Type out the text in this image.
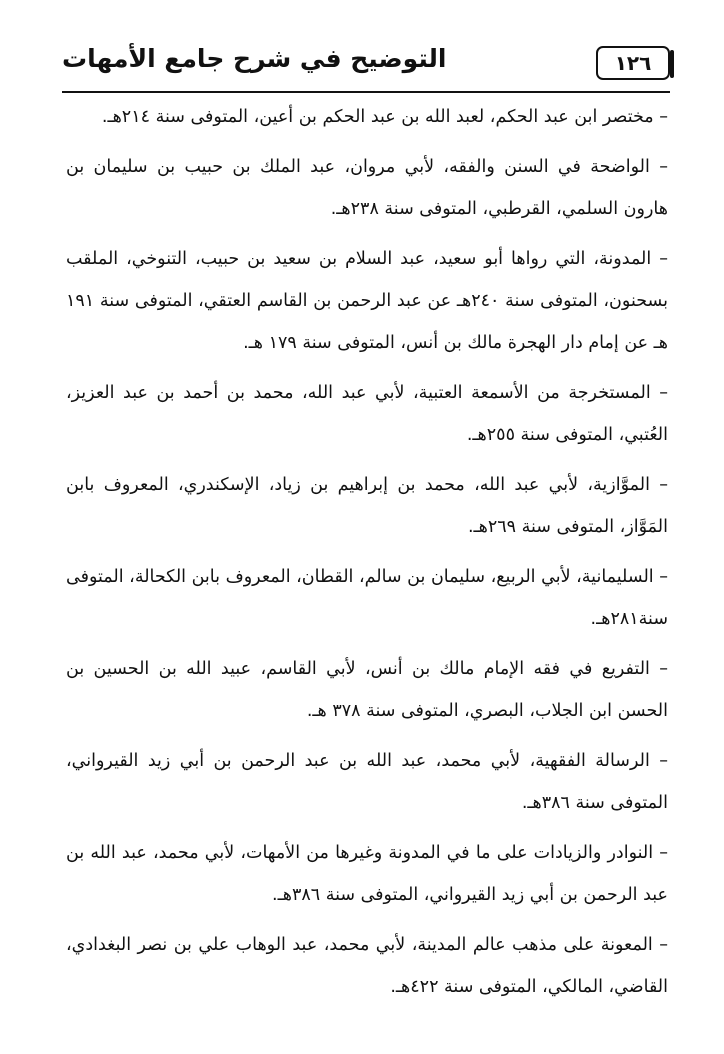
١٢٦
التوضيح في شرح جامع الأمهات

– مختصر ابن عبد الحكم، لعبد الله بن عبد الحكم بن أعين، المتوفى سنة ٢١٤هـ.

– الواضحة في السنن والفقه، لأبي مروان، عبد الملك بن حبيب بن سليمان بن هارون السلمي، القرطبي، المتوفى سنة ٢٣٨هـ.

– المدونة، التي رواها أبو سعيد، عبد السلام بن سعيد بن حبيب، التنوخي، الملقب بسحنون، المتوفى سنة ٢٤٠هـ عن عبد الرحمن بن القاسم العتقي، المتوفى سنة ١٩١ هـ عن إمام دار الهجرة مالك بن أنس، المتوفى سنة ١٧٩ هـ.

– المستخرجة من الأسمعة العتبية، لأبي عبد الله، محمد بن أحمد بن عبد العزيز، العُتبي، المتوفى سنة ٢٥٥هـ.

– الموَّازية، لأبي عبد الله، محمد بن إبراهيم بن زياد، الإسكندري، المعروف بابن المَوَّاز، المتوفى سنة ٢٦٩هـ.

– السليمانية، لأبي الربيع، سليمان بن سالم، القطان، المعروف بابن الكحالة، المتوفى سنة٢٨١هـ.

– التفريع في فقه الإمام مالك بن أنس، لأبي القاسم، عبيد الله بن الحسين بن الحسن ابن الجلاب، البصري، المتوفى سنة ٣٧٨ هـ.

– الرسالة الفقهية، لأبي محمد، عبد الله بن عبد الرحمن بن أبي زيد القيرواني، المتوفى سنة ٣٨٦هـ.

– النوادر والزيادات على ما في المدونة وغيرها من الأمهات، لأبي محمد، عبد الله بن عبد الرحمن بن أبي زيد القيرواني، المتوفى سنة ٣٨٦هـ.

– المعونة على مذهب عالم المدينة، لأبي محمد، عبد الوهاب علي بن نصر البغدادي، القاضي، المالكي، المتوفى سنة ٤٢٢هـ.
